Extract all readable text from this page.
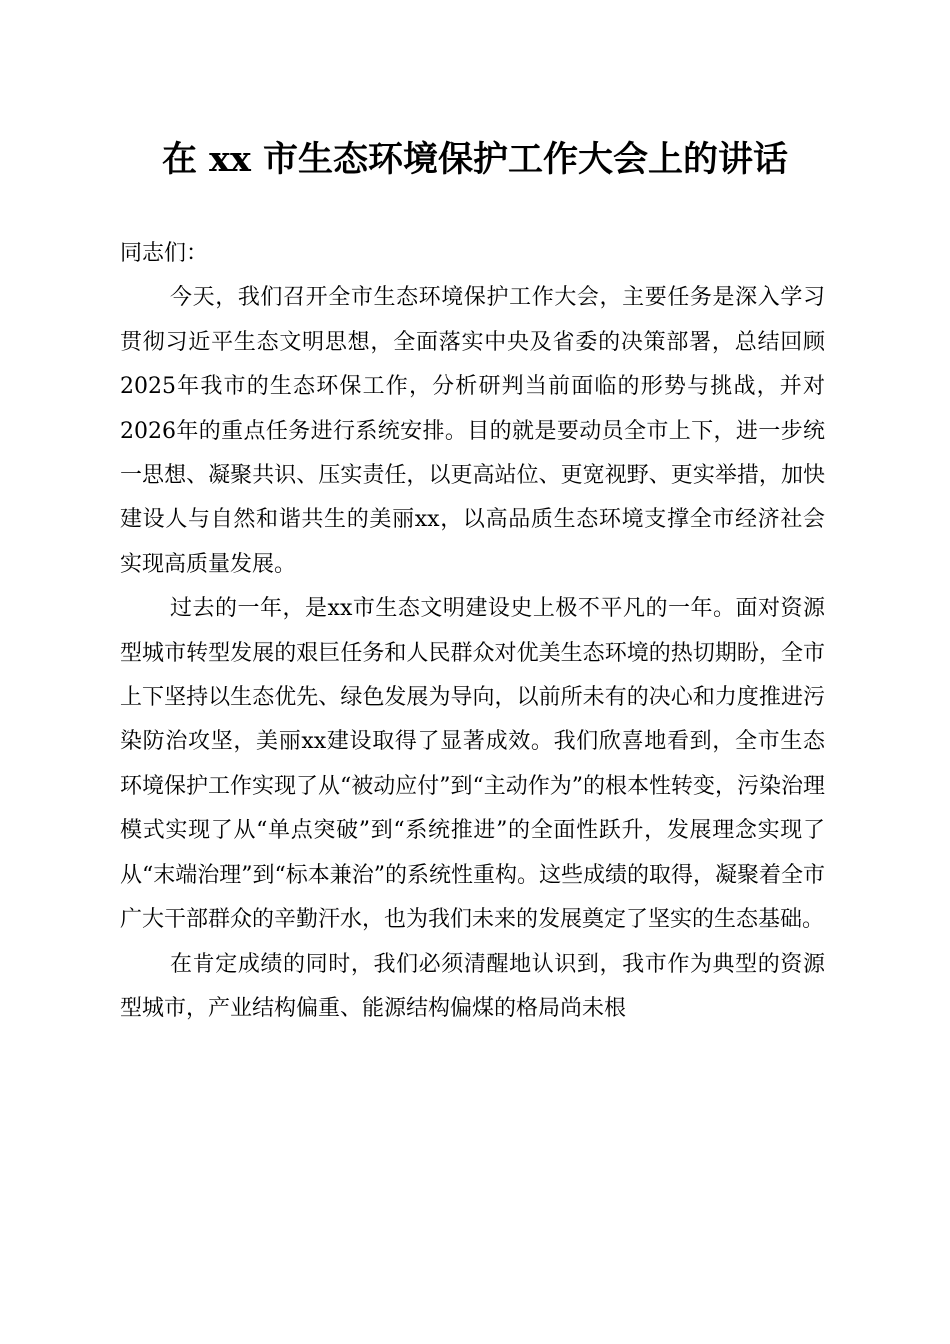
在 xx 市生态环境保护工作大会上的讲话

同志们：

今天，我们召开全市生态环境保护工作大会，主要任务是深入学习贯彻习近平生态文明思想，全面落实中央及省委的决策部署，总结回顾2025年我市的生态环保工作，分析研判当前面临的形势与挑战，并对2026年的重点任务进行系统安排。目的就是要动员全市上下，进一步统一思想、凝聚共识、压实责任，以更高站位、更宽视野、更实举措，加快建设人与自然和谐共生的美丽xx，以高品质生态环境支撑全市经济社会实现高质量发展。

过去的一年，是xx市生态文明建设史上极不平凡的一年。面对资源型城市转型发展的艰巨任务和人民群众对优美生态环境的热切期盼，全市上下坚持以生态优先、绿色发展为导向，以前所未有的决心和力度推进污染防治攻坚，美丽xx建设取得了显著成效。我们欣喜地看到，全市生态环境保护工作实现了从“被动应付”到“主动作为”的根本性转变，污染治理模式实现了从“单点突破”到“系统推进”的全面性跃升，发展理念实现了从“末端治理”到“标本兼治”的系统性重构。这些成绩的取得，凝聚着全市广大干部群众的辛勤汗水，也为我们未来的发展奠定了坚实的生态基础。

在肯定成绩的同时，我们必须清醒地认识到，我市作为典型的资源型城市，产业结构偏重、能源结构偏煤的格局尚未根
